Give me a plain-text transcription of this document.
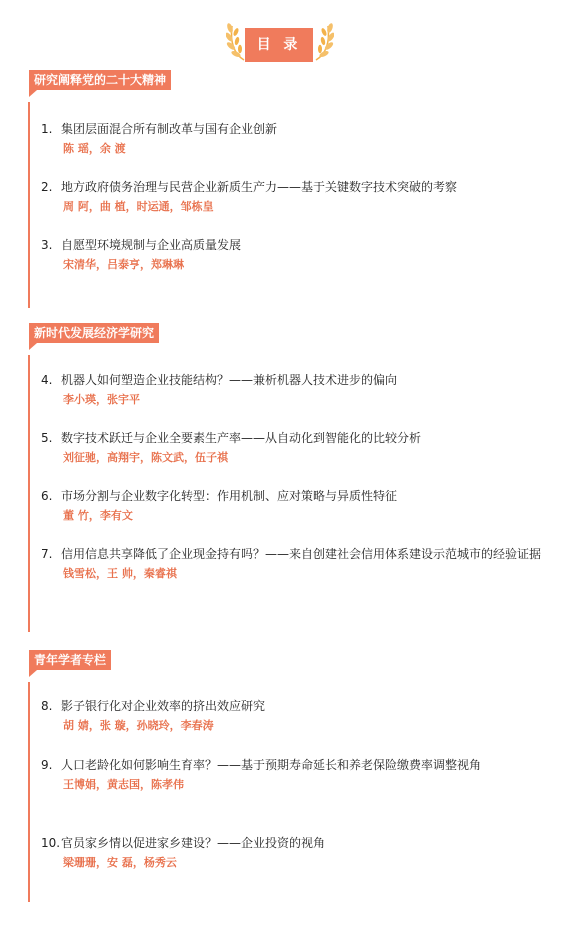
目 录
研究阐释党的二十大精神
1. 集团层面混合所有制改革与国有企业创新
陈 瑶，余 渡
2. 地方政府债务治理与民营企业新质生产力——基于关键数字技术突破的考察
周 阿，曲 植，时运通，邹栋皇
3. 自愿型环境规制与企业高质量发展
宋清华，吕泰亨，郑琳琳
新时代发展经济学研究
4. 机器人如何塑造企业技能结构？——兼析机器人技术进步的偏向
李小瑛，张宇平
5. 数字技术跃迁与企业全要素生产率——从自动化到智能化的比较分析
刘征驰，高翔宇，陈文武，伍子祺
6. 市场分割与企业数字化转型：作用机制、应对策略与异质性特征
董 竹，李有文
7. 信用信息共享降低了企业现金持有吗？——来自创建社会信用体系建设示范城市的经验证据
钱雪松，王 帅，秦睿祺
青年学者专栏
8. 影子银行化对企业效率的挤出效应研究
胡 婧，张 璇，孙晓玲，李春涛
9. 人口老龄化如何影响生育率？——基于预期寿命延长和养老保险缴费率调整视角
王博娟，黄志国，陈孝伟
10.官员家乡情以促进家乡建设？——企业投资的视角
梁珊珊，安 磊，杨秀云
